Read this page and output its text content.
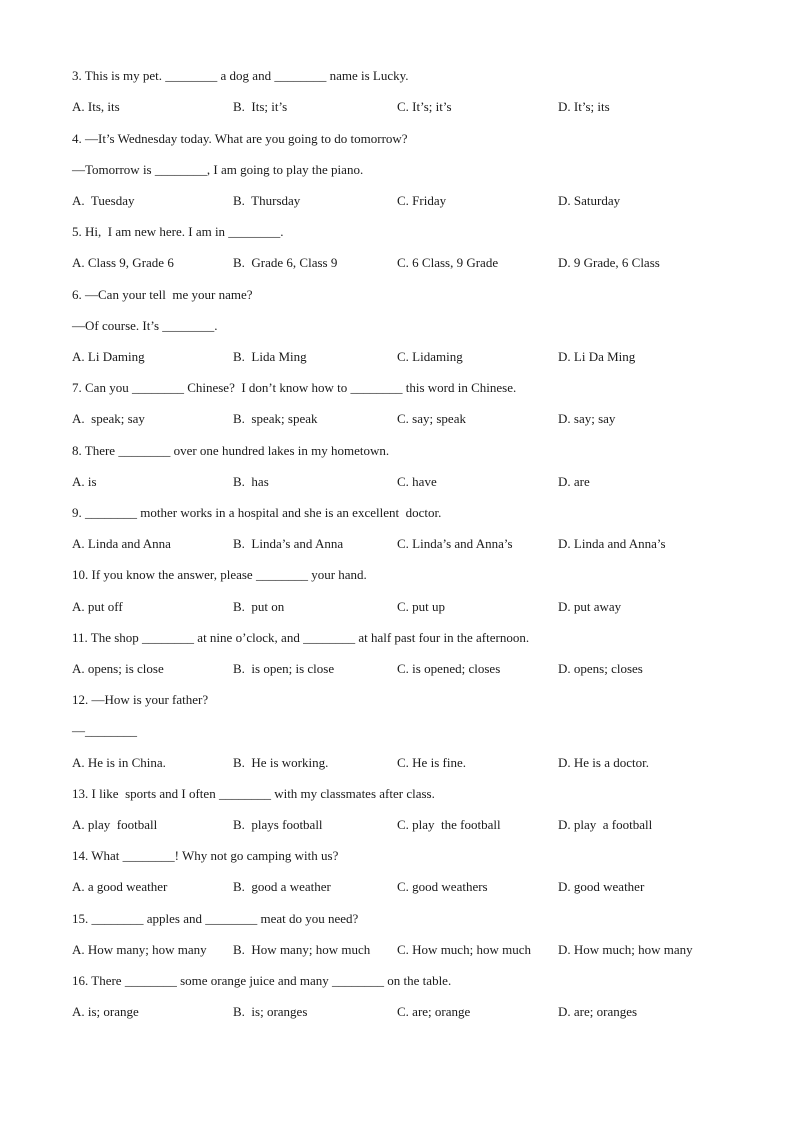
3. This is my pet. ________ a dog and ________ name is Lucky.
A. Its, its	B.  Its; it’s	C. It’s; it’s	D. It’s; its
4. —It’s Wednesday today. What are you going to do tomorrow?
—Tomorrow is ________, I am going to play the piano.
A.  Tuesday	B.  Thursday	C. Friday	D. Saturday
5. Hi,  I am new here. I am in ________.
A. Class 9, Grade 6	B.  Grade 6, Class 9	C. 6 Class, 9 Grade	D. 9 Grade, 6 Class
6. —Can your tell  me your name?
—Of course. It’s ________.
A. Li Daming	B.  Lida Ming	C. Lidaming	D. Li Da Ming
7. Can you ________ Chinese?  I don’t know how to ________ this word in Chinese.
A.  speak; say	B.  speak; speak	C. say; speak	D. say; say
8. There ________ over one hundred lakes in my hometown.
A. is	B.  has	C. have	D. are
9. ________ mother works in a hospital and she is an excellent  doctor.
A. Linda and Anna	B.  Linda’s and Anna	C. Linda’s and Anna’s	D. Linda and Anna’s
10. If you know the answer, please ________ your hand.
A. put off	B.  put on	C. put up	D. put away
11. The shop ________ at nine o’clock, and ________ at half past four in the afternoon.
A. opens; is close	B.  is open; is close	C. is opened; closes	D. opens; closes
12. —How is your father?
—________
A. He is in China.	B.  He is working.	C. He is fine.	D. He is a doctor.
13. I like  sports and I often ________ with my classmates after class.
A. play  football	B.  plays football	C. play  the football	D. play  a football
14. What ________! Why not go camping with us?
A. a good weather	B.  good a weather	C. good weathers	D. good weather
15. ________ apples and ________ meat do you need?
A. How many; how many B.  How many; how much C. How much; how much D. How much; how many
16. There ________ some orange juice and many ________ on the table.
A. is; orange	B.  is; oranges	C. are; orange	D. are; oranges
